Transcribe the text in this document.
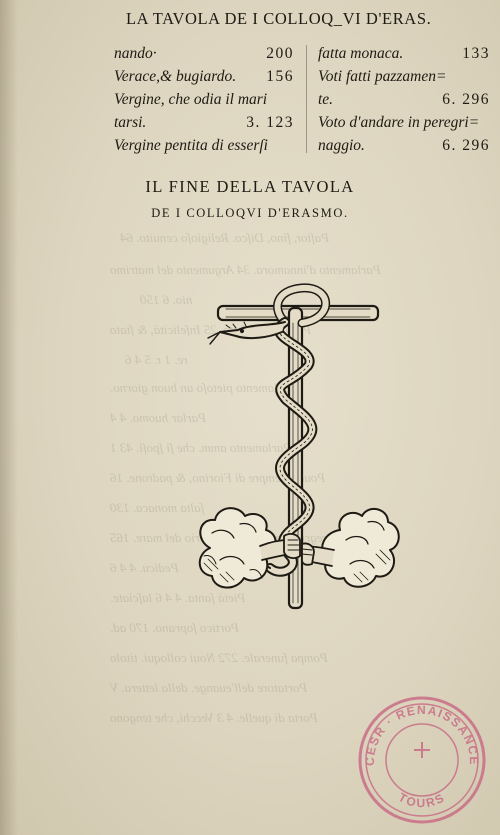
Paſtor, fino, Diſco. Religioſo cenuito. 64
Parlamento d'innamora. 34 Argumento del matrimo
nio. 6 150
Parlamento ſeſto. 25 Infelicità, & ſtato
re. 1 r. 5 4 6
Parlamento pietoſo un buon giorno.
Parlar huomo. 4 4
Parlamento amm. che ſi ſpoſi. 43 1
Pouero ſempre di Fiorino, & padrone. 16
ſalta monaca. 130
Peregrinaggio del mare. 165
Pedicu. 4 4 6
Pietà ſanta. 4 4 6 laſciate.
Portico ſoprano. 170 ad.
Pompa funerale. 272 Noui colloqui. titolo
Portatore dell'euange. della lettera. V
Porta di quelle. 4 3 Vecchi, che tengono
LA TAVOLA DE I COLLOQ_VI D'ERAS.
nando·	200
Verace,& bugiardo. 156
Vergine, che odia il mari
tarsi.	3. 123
Vergine pentita di esserſi
fatta monaca.	133
Voti fatti pazzamen=
te.	6. 296
Voto d'andare in peregri=
naggio.	6. 296
IL FINE DELLA TAVOLA
DE I COLLOQVI D'ERASMO.
CESR · RENAISSANCE
TOURS
